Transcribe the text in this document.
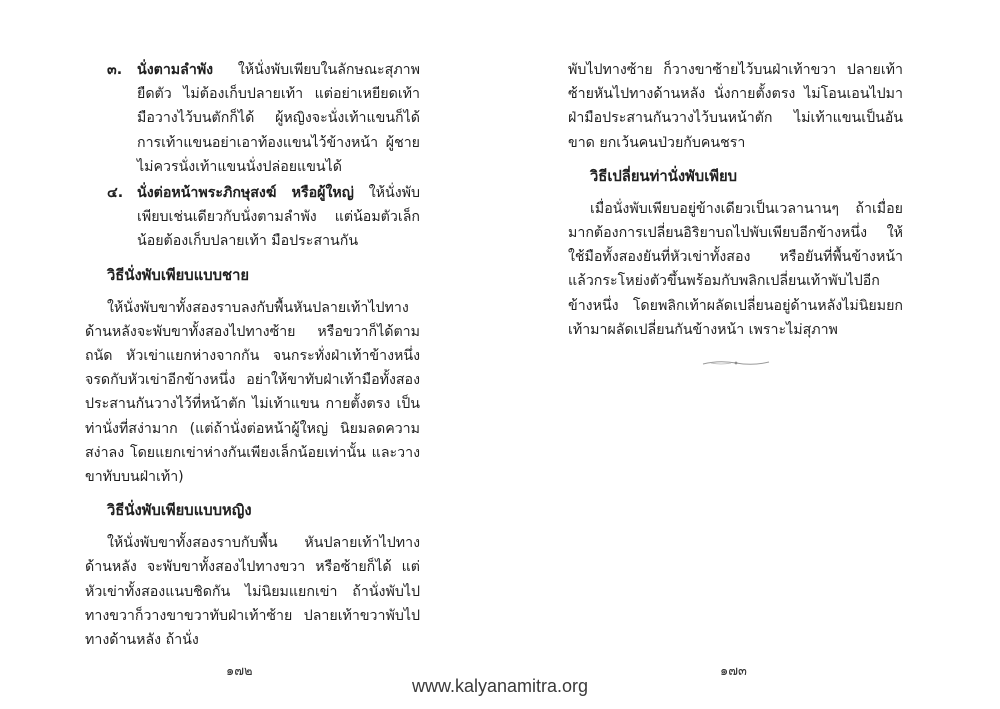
๓. นั่งตามลำพัง ให้นั่งพับเพียบในลักษณะสุภาพ ยืดตัว ไม่ต้องเก็บปลายเท้า แต่อย่าเหยียดเท้า มือวางไว้บนตักก็ได้ ผู้หญิงจะนั่งเท้าแขนก็ได้ การเท้าแขนอย่าเอาท้องแขนไว้ข้างหน้า ผู้ชายไม่ควรนั่งเท้าแขนนั่งปล่อยแขนได้
๔. นั่งต่อหน้าพระภิกษุสงฆ์ หรือผู้ใหญ่ ให้นั่งพับเพียบเช่นเดียวกับนั่งตามลำพัง แต่น้อมตัวเล็กน้อยต้องเก็บปลายเท้า มือประสานกัน
วิธีนั่งพับเพียบแบบชาย

ให้นั่งพับขาทั้งสองราบลงกับพื้นหันปลายเท้าไปทางด้านหลังจะพับขาทั้งสองไปทางซ้าย หรือขวาก็ได้ตามถนัด หัวเข่าแยกห่างจากกัน จนกระทั่งฝ่าเท้าข้างหนึ่งจรดกับหัวเข่าอีกข้างหนึ่ง อย่าให้ขาทับฝ่าเท้ามือทั้งสองประสานกันวางไว้ที่หน้าตัก ไม่เท้าแขน กายตั้งตรง เป็นท่านั่งที่สง่ามาก (แต่ถ้านั่งต่อหน้าผู้ใหญ่ นิยมลดความสง่าลง โดยแยกเข่าห่างกันเพียงเล็กน้อยเท่านั้น และวางขาทับบนฝ่าเท้า)

วิธีนั่งพับเพียบแบบหญิง

ให้นั่งพับขาทั้งสองราบกับพื้น หันปลายเท้าไปทางด้านหลัง จะพับขาทั้งสองไปทางขวา หรือซ้ายก็ได้ แต่หัวเข่าทั้งสองแนบชิดกัน ไม่นิยมแยกเข่า ถ้านั่งพับไปทางขวาก็วางขาขวาทับฝ่าเท้าซ้าย ปลายเท้าขวาพับไปทางด้านหลัง ถ้านั่ง

พับไปทางซ้าย ก็วางขาซ้ายไว้บนฝ่าเท้าขวา ปลายเท้าซ้ายหันไปทางด้านหลัง นั่งกายตั้งตรง ไม่โอนเอนไปมา ฝ่ามือประสานกันวางไว้บนหน้าตัก ไม่เท้าแขนเป็นอันขาด ยกเว้นคนป่วยกับคนชรา

วิธีเปลี่ยนท่านั่งพับเพียบ

เมื่อนั่งพับเพียบอยู่ข้างเดียวเป็นเวลานานๆ ถ้าเมื่อยมากต้องการเปลี่ยนอิริยาบถไปพับเพียบอีกข้างหนึ่ง ให้ใช้มือทั้งสองยันที่หัวเข่าทั้งสอง หรือยันที่พื้นข้างหน้า แล้วกระโหย่งตัวขึ้นพร้อมกับพลิกเปลี่ยนเท้าพับไปอีกข้างหนึ่ง โดยพลิกเท้าผลัดเปลี่ยนอยู่ด้านหลังไม่นิยมยกเท้ามาผลัดเปลี่ยนกันข้างหน้า เพราะไม่สุภาพ

๑๗๒	๑๗๓
www.kalyanamitra.org
